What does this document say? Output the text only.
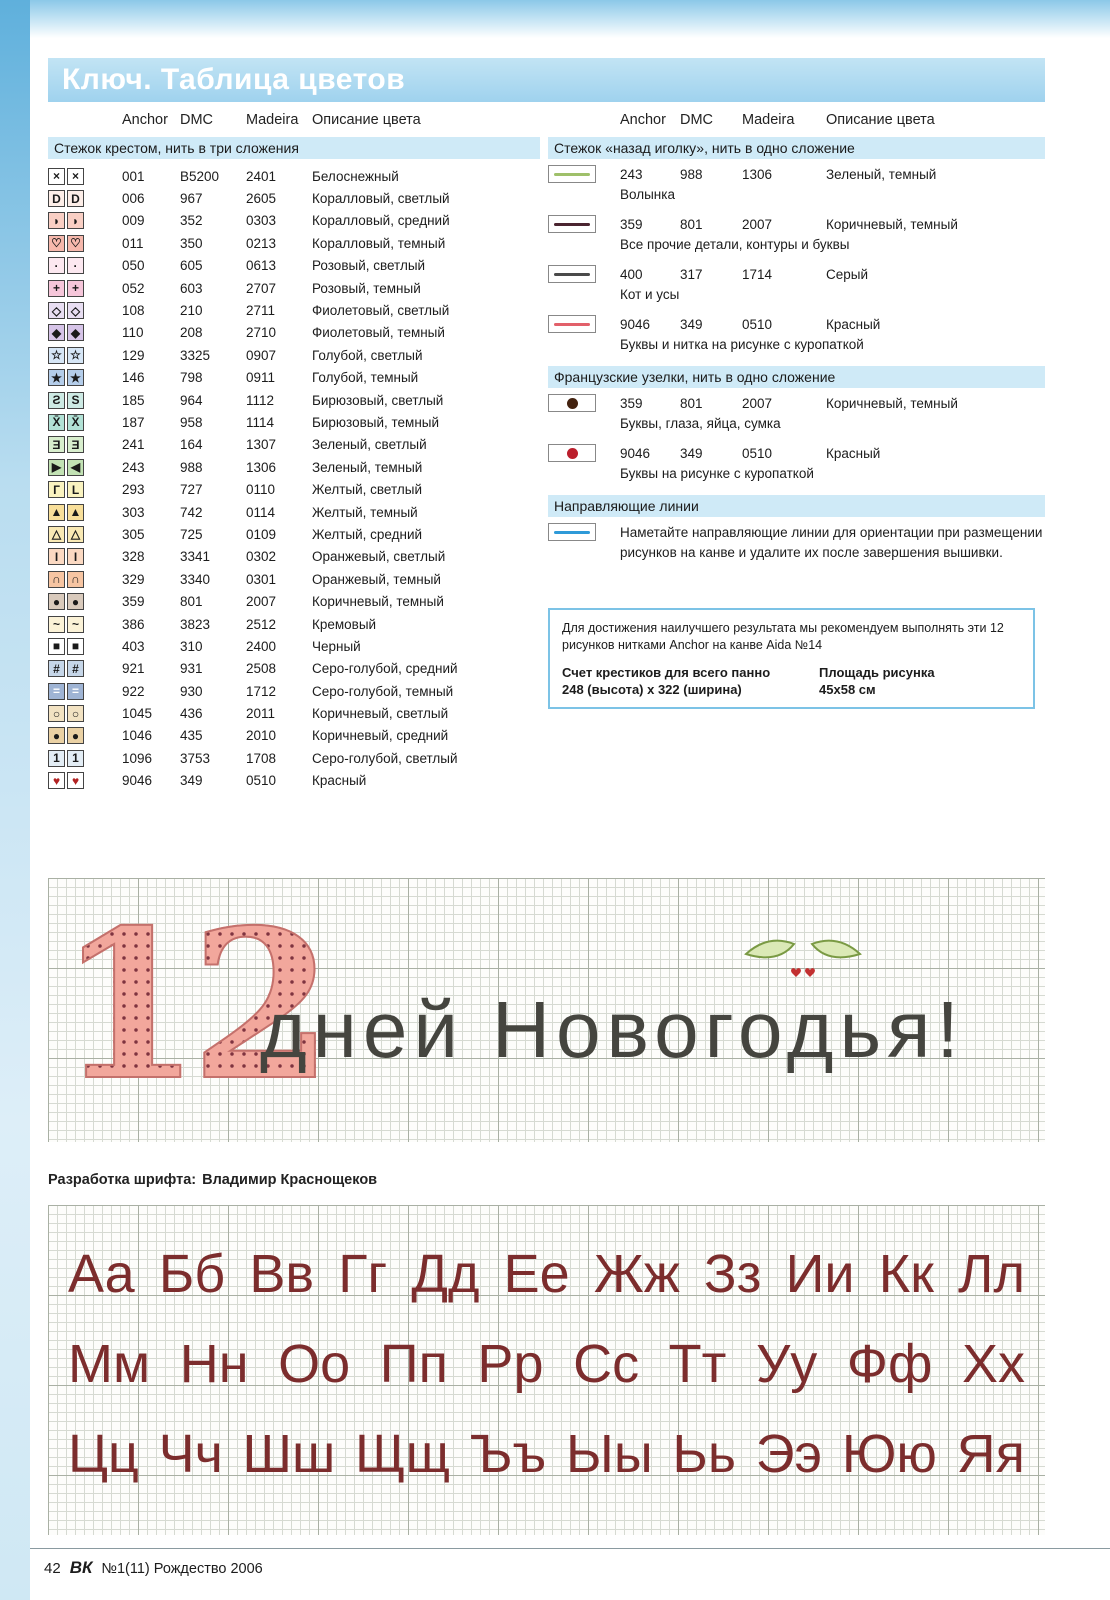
Ключ. Таблица цветов
Anchor DMC	Madeira Описание цвета
Стежок крестом, нить в три сложения
× ×	001	B5200	2401	Белоснежный
D D	006	967	2605	Коралловый, светлый
◗ ◗	009	352	0303	Коралловый, средний
♡ ♡	011	350	0213	Коралловый, темный
·	·	050	605	0613	Розовый, светлый
+ +	052	603	2707	Розовый, темный
◇ ◇	108	210	2711	Фиолетовый, светлый
◆ ◆	110	208	2710	Фиолетовый, темный
☆ ☆	129	3325	0907	Голубой, светлый
★ ★	146	798	0911	Голубой, темный
Ƨ S	185	964	1112	Бирюзовый, светлый
X̄ X̄	187	958	1114	Бирюзовый, темный
Ǝ Ǝ	241	164	1307	Зеленый, светлый
▶ ◀	243	988	1306	Зеленый, темный
Г L	293	727	0110	Желтый, светлый
▲ ▲	303	742	0114	Желтый, темный
△ △	305	725	0109	Желтый, средний
I	I	328	3341	0302	Оранжевый, светлый
∩ ∩	329	3340	0301	Оранжевый, темный
● ●	359	801	2007	Коричневый, темный
~ ~	386	3823	2512	Кремовый
■ ■	403	310	2400	Черный
#	#	921	931	2508	Серо-голубой, средний
= =	922	930	1712	Серо-голубой, темный
○ ○	1045	436	2011	Коричневый, светлый
● ●	1046	435	2010	Коричневый, средний
1	1	1096	3753	1708	Серо-голубой, светлый
♥ ♥	9046	349	0510	Красный
Anchor DMC	Madeira	Описание цвета
Стежок «назад иголку», нить в одно сложение
243	988	1306	Зеленый, темный
Волынка
359	801	2007	Коричневый, темный
Все прочие детали, контуры и буквы
400	317	1714	Серый
Кот и усы
9046	349	0510	Красный
Буквы и нитка на рисунке с куропаткой
Французские узелки, нить в одно сложение
359	801	2007	Коричневый, темный
Буквы, глаза, яйца, сумка
9046	349	0510	Красный
Буквы на рисунке с куропаткой
Направляющие линии
Наметайте направляющие линии для ориентации при размещении рисунков на канве и удалите их после завершения вышивки.

Для достижения наилучшего результата мы рекомендуем выполнять эти 12 рисунков нитками Anchor на канве Aida №14

Счет крестиков для всего панно
248 (высота) x 322 (ширина)
Площадь рисунка
45x58 см
12
дней Новогодья!
Разработка шрифта: Владимир Краснощеков
Аа Бб Вв Гг Дд Ее Жж Зз Ии Кк Лл
Мм Нн Оо Пп Рр Сс Тт Уу Фф Хх
Цц Чч Шш Щщ Ъъ Ыы Ьь Ээ Юю Яя
42 ВК №1(11) Рождество 2006
